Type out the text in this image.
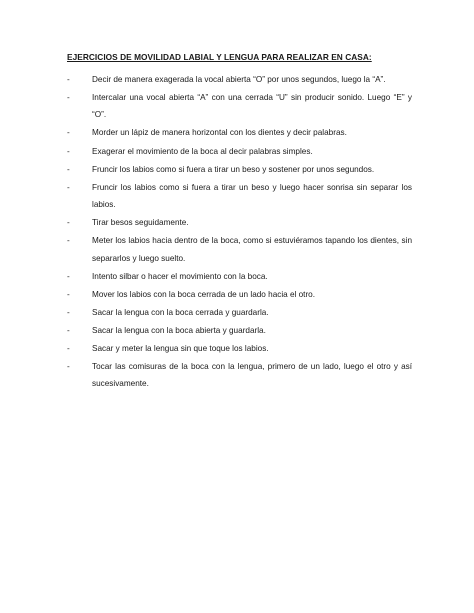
EJERCICIOS DE MOVILIDAD LABIAL Y LENGUA PARA REALIZAR EN CASA:
-	Decir de manera exagerada la vocal abierta “O” por unos segundos, luego la “A”.
-	Intercalar una vocal abierta “A” con una cerrada “U” sin producir sonido. Luego “E” y “O”.
-	Morder un lápiz de manera horizontal con los dientes y decir palabras.
-	Exagerar el movimiento de la boca al decir palabras simples.
-	Fruncir los labios como si fuera a tirar un beso y sostener por unos segundos.
-	Fruncir los labios como si fuera a tirar un beso y luego hacer sonrisa sin separar los labios.
-	Tirar besos seguidamente.
-	Meter los labios hacia dentro de la boca, como si estuviéramos tapando los dientes, sin separarlos y luego suelto.
-	Intento silbar o hacer el movimiento con la boca.
-	Mover los labios con la boca cerrada de un lado hacia el otro.
-	Sacar la lengua con la boca cerrada y guardarla.
-	Sacar la lengua con la boca abierta y guardarla.
-	Sacar y meter la lengua sin que toque los labios.
-	Tocar las comisuras de la boca con la lengua, primero de un lado, luego el otro y así sucesivamente.
